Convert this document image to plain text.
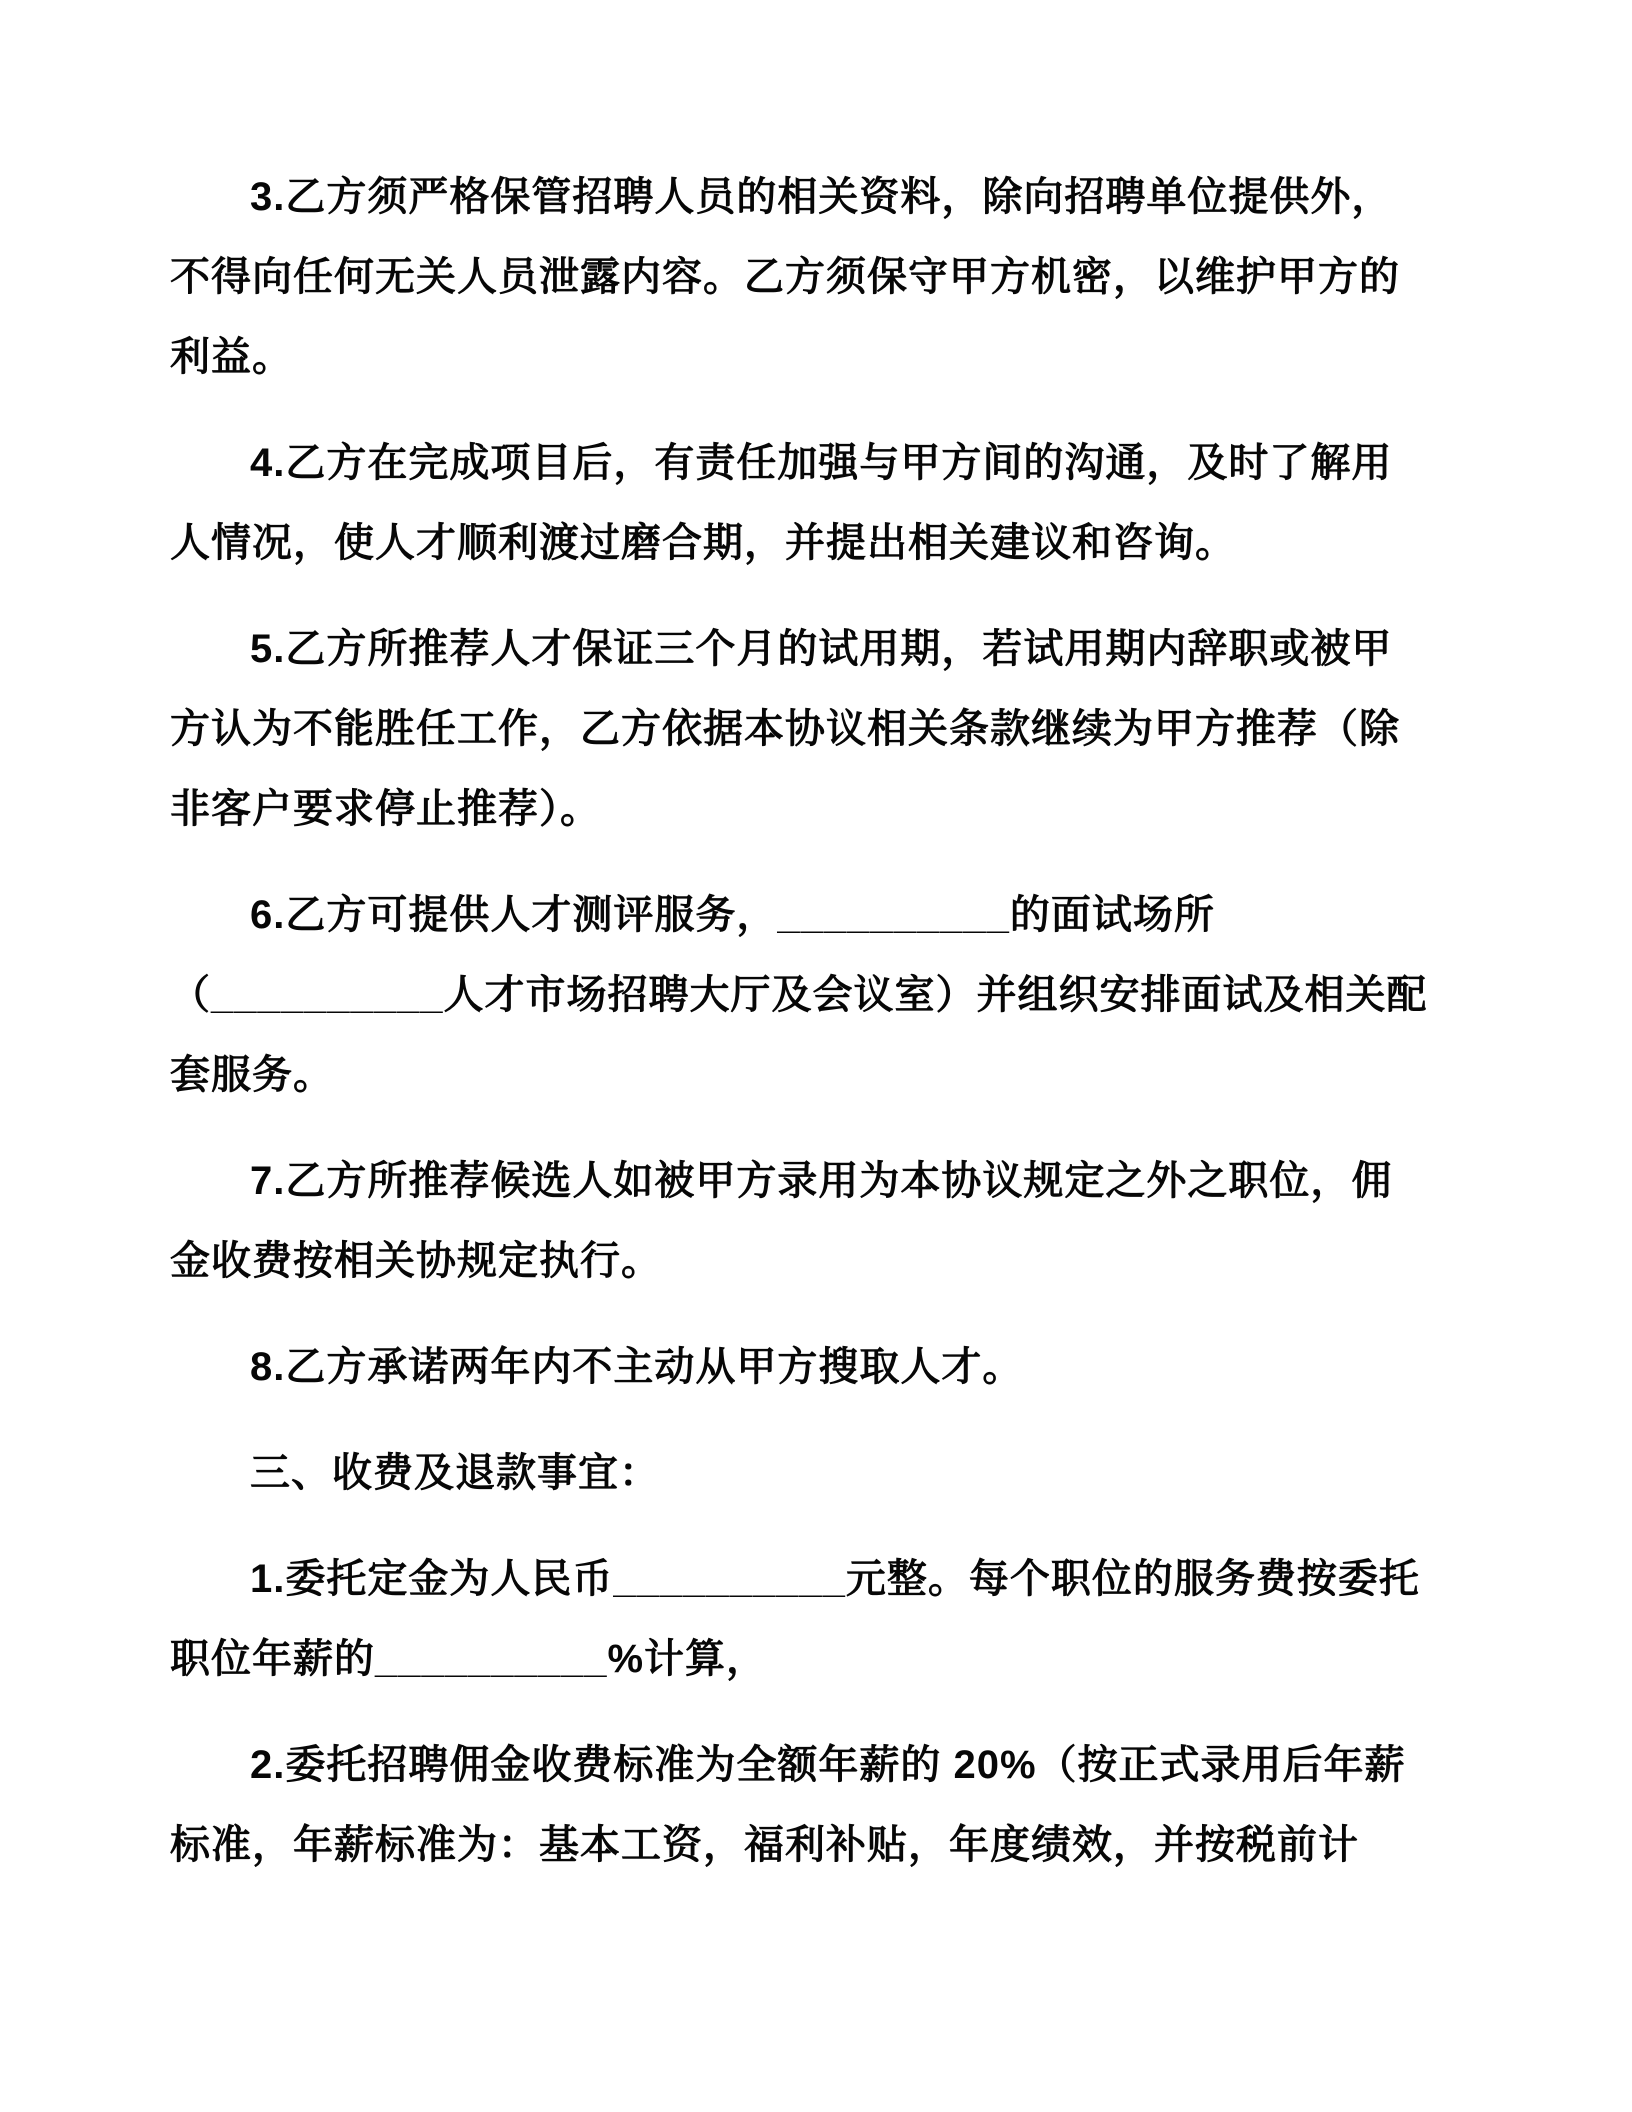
3.乙方须严格保管招聘人员的相关资料，除向招聘单位提供外，
不得向任何无关人员泄露内容。乙方须保守甲方机密，以维护甲方的
利益。
4.乙方在完成项目后，有责任加强与甲方间的沟通，及时了解用
人情况，使人才顺利渡过磨合期，并提出相关建议和咨询。
5.乙方所推荐人才保证三个月的试用期，若试用期内辞职或被甲
方认为不能胜任工作，乙方依据本协议相关条款继续为甲方推荐（除
非客户要求停止推荐）。
6.乙方可提供人才测评服务，__________的面试场所
（__________人才市场招聘大厅及会议室）并组织安排面试及相关配
套服务。
7.乙方所推荐候选人如被甲方录用为本协议规定之外之职位，佣
金收费按相关协规定执行。
8.乙方承诺两年内不主动从甲方搜取人才。
三、收费及退款事宜：
1.委托定金为人民币__________元整。每个职位的服务费按委托
职位年薪的__________%计算，
2.委托招聘佣金收费标准为全额年薪的 20%（按正式录用后年薪
标准，年薪标准为：基本工资，福利补贴，年度绩效，并按税前计
